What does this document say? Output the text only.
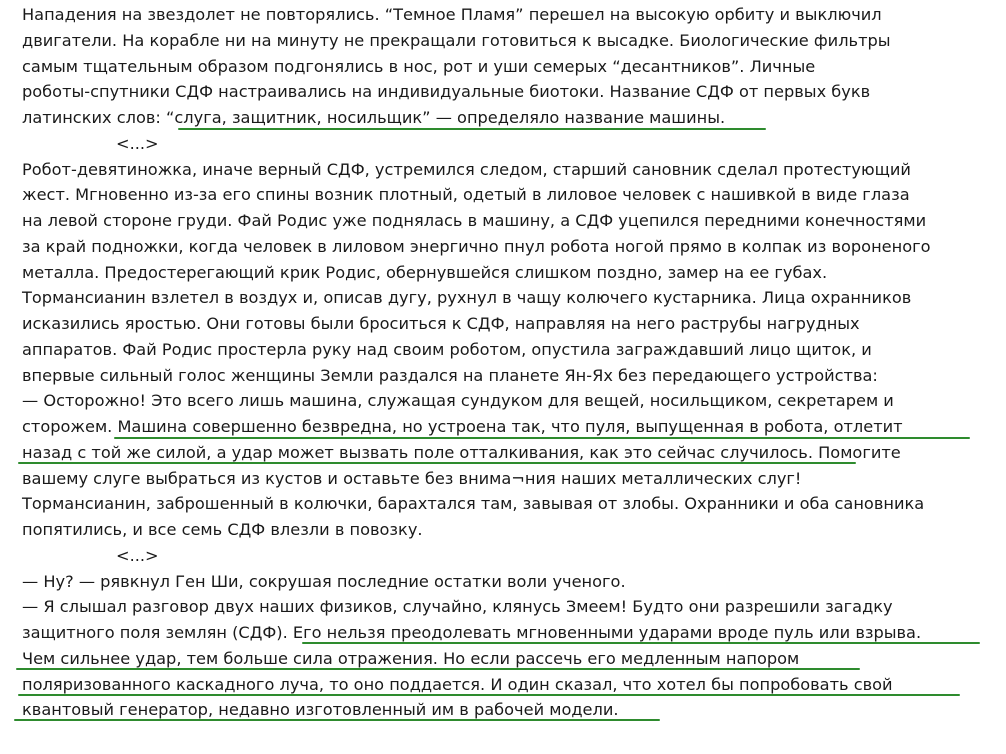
Нападения на звездолет не повторялись. “Темное Пламя” перешел на высокую орбиту и выключил
двигатели. На корабле ни на минуту не прекращали готовиться к высадке. Биологические фильтры
самым тщательным образом подгонялись в нос, рот и уши семерых “десантников”. Личные
роботы-спутники СДФ настраивались на индивидуальные биотоки. Название СДФ от первых букв
латинских слов: “слуга, защитник, носильщик” — определяло название машины.
<...>
Робот-девятиножка, иначе верный СДФ, устремился следом, старший сановник сделал протестующий
жест. Мгновенно из-за его спины возник плотный, одетый в лиловое человек с нашивкой в виде глаза
на левой стороне груди. Фай Родис уже поднялась в машину, а СДФ уцепился передними конечностями
за край подножки, когда человек в лиловом энергично пнул робота ногой прямо в колпак из вороненого
металла. Предостерегающий крик Родис, обернувшейся слишком поздно, замер на ее губах.
Тормансианин взлетел в воздух и, описав дугу, рухнул в чащу колючего кустарника. Лица охранников
исказились яростью. Они готовы были броситься к СДФ, направляя на него раструбы нагрудных
аппаратов. Фай Родис простерла руку над своим роботом, опустила заграждавший лицо щиток, и
впервые сильный голос женщины Земли раздался на планете Ян-Ях без передающего устройства:
— Осторожно! Это всего лишь машина, служащая сундуком для вещей, носильщиком, секретарем и
сторожем. Машина совершенно безвредна, но устроена так, что пуля, выпущенная в робота, отлетит
назад с той же силой, а удар может вызвать поле отталкивания, как это сейчас случилось. Помогите
вашему слуге выбраться из кустов и оставьте без внима¬ния наших металлических слуг!
Тормансианин, заброшенный в колючки, барахтался там, завывая от злобы. Охранники и оба сановника
попятились, и все семь СДФ влезли в повозку.
<...>
— Ну? — рявкнул Ген Ши, сокрушая последние остатки воли ученого.
— Я слышал разговор двух наших физиков, случайно, клянусь Змеем! Будто они разрешили загадку
защитного поля землян (СДФ). Его нельзя преодолевать мгновенными ударами вроде пуль или взрыва.
Чем сильнее удар, тем больше сила отражения. Но если рассечь его медленным напором
поляризованного каскадного луча, то оно поддается. И один сказал, что хотел бы попробовать свой
квантовый генератор, недавно изготовленный им в рабочей модели.
